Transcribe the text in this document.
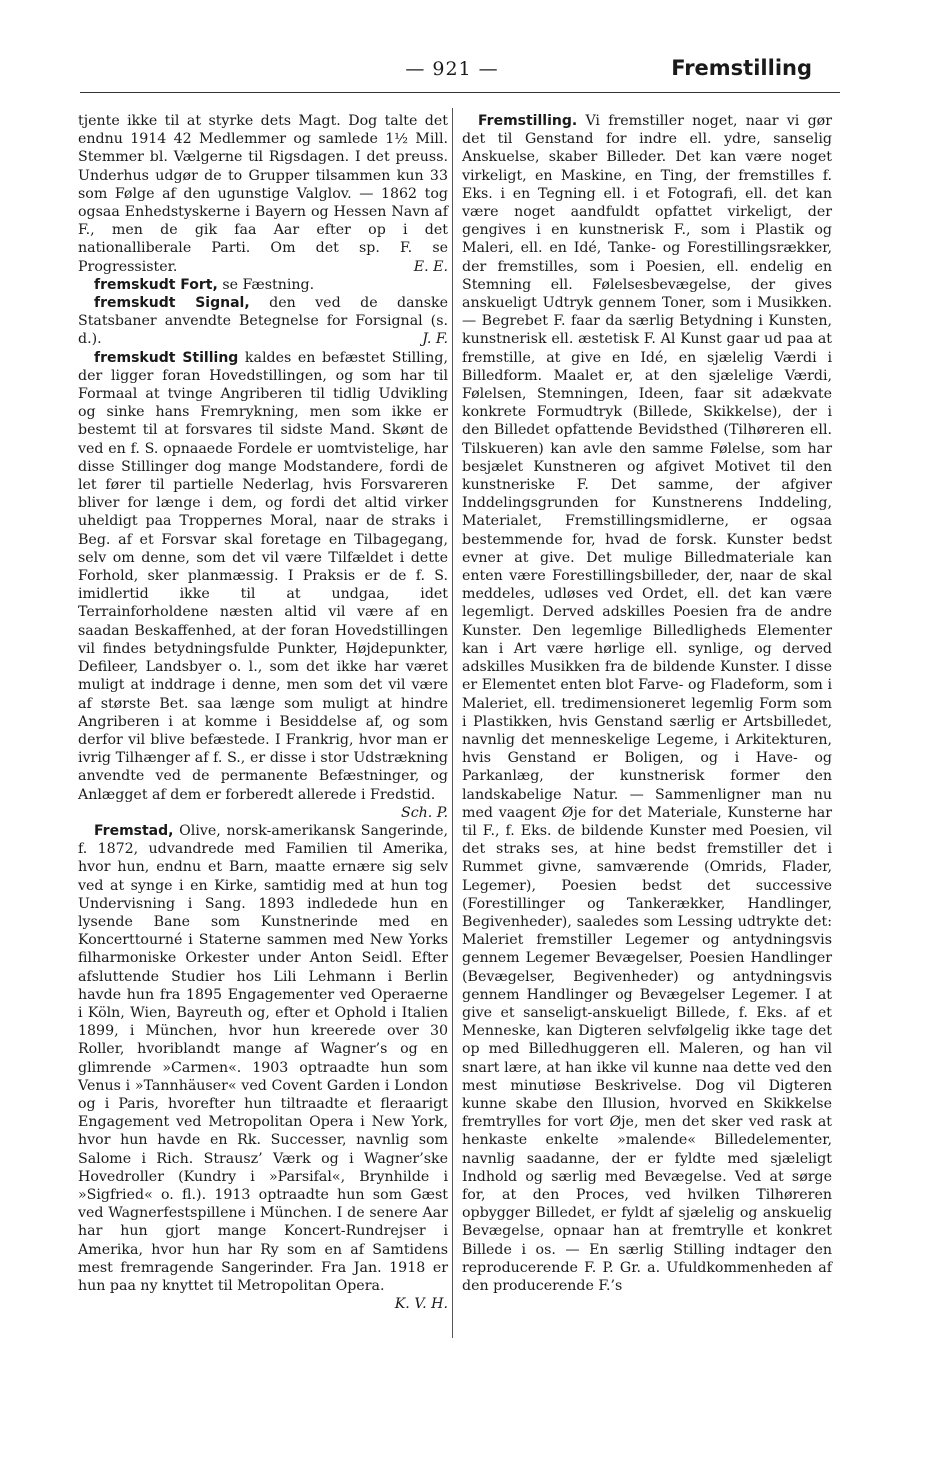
— 921 —	Fremstilling

tjente ikke til at styrke dets Magt. Dog talte det endnu 1914 42 Medlemmer og samlede 1½ Mill. Stemmer bl. Vælgerne til Rigsdagen. I det preuss. Underhus udgør de to Grupper tilsammen kun 33 som Følge af den ugunstige Valglov. — 1862 tog ogsaa Enhedstyskerne i Bayern og Hessen Navn af F., men de gik faa Aar efter op i det nationalliberale Parti. Om det sp. F. se Progressister.	E. E.

fremskudt Fort, se Fæstning.

fremskudt Signal, den ved de danske Statsbaner anvendte Betegnelse for Forsignal (s. d.).	J. F.

fremskudt Stilling kaldes en befæstet Stilling, der ligger foran Hovedstillingen, og som har til Formaal at tvinge Angriberen til tidlig Udvikling og sinke hans Fremrykning, men som ikke er bestemt til at forsvares til sidste Mand. Skønt de ved en f. S. opnaaede Fordele er uomtvistelige, har disse Stillinger dog mange Modstandere, fordi de let fører til partielle Nederlag, hvis Forsvareren bliver for længe i dem, og fordi det altid virker uheldigt paa Troppernes Moral, naar de straks i Beg. af et Forsvar skal foretage en Tilbagegang, selv om denne, som det vil være Tilfældet i dette Forhold, sker planmæssig. I Praksis er de f. S. imidlertid ikke til at undgaa, idet Terrainforholdene næsten altid vil være af en saadan Beskaffenhed, at der foran Hovedstillingen vil findes betydningsfulde Punkter, Højdepunkter, Defileer, Landsbyer o. l., som det ikke har været muligt at inddrage i denne, men som det vil være af største Bet. saa længe som muligt at hindre Angriberen i at komme i Besiddelse af, og som derfor vil blive befæstede. I Frankrig, hvor man er ivrig Tilhænger af f. S., er disse i stor Udstrækning anvendte ved de permanente Befæstninger, og Anlægget af dem er forberedt allerede i Fredstid.
Sch. P.

Fremstad, Olive, norsk-amerikansk Sangerinde, f. 1872, udvandrede med Familien til Amerika, hvor hun, endnu et Barn, maatte ernære sig selv ved at synge i en Kirke, samtidig med at hun tog Undervisning i Sang. 1893 indledede hun en lysende Bane som Kunstnerinde med en Koncerttourné i Staterne sammen med New Yorks filharmoniske Orkester under Anton Seidl. Efter afsluttende Studier hos Lili Lehmann i Berlin havde hun fra 1895 Engagementer ved Operaerne i Köln, Wien, Bayreuth og, efter et Ophold i Italien 1899, i München, hvor hun kreerede over 30 Roller, hvoriblandt mange af Wagner’s og en glimrende »Carmen«. 1903 optraadte hun som Venus i »Tannhäuser« ved Covent Garden i London og i Paris, hvorefter hun tiltraadte et fleraarigt Engagement ved Metropolitan Opera i New York, hvor hun havde en Rk. Successer, navnlig som Salome i Rich. Strausz’ Værk og i Wagner’ske Hovedroller (Kundry i »Parsifal«, Brynhilde i »Sigfried« o. fl.). 1913 optraadte hun som Gæst ved Wagnerfestspillene i München. I de senere Aar har hun gjort mange Koncert-Rundrejser i Amerika, hvor hun har Ry som en af Samtidens mest fremragende Sangerinder. Fra Jan. 1918 er hun paa ny knyttet til Metropolitan Opera.
K. V. H.

Fremstilling. Vi fremstiller noget, naar vi gør det til Genstand for indre ell. ydre, sanselig Anskuelse, skaber Billeder. Det kan være noget virkeligt, en Maskine, en Ting, der fremstilles f. Eks. i en Tegning ell. i et Fotografi, ell. det kan være noget aandfuldt opfattet virkeligt, der gengives i en kunstnerisk F., som i Plastik og Maleri, ell. en Idé, Tanke- og Forestillingsrækker, der fremstilles, som i Poesien, ell. endelig en Stemning ell. Følelsesbevægelse, der gives anskueligt Udtryk gennem Toner, som i Musikken. — Begrebet F. faar da særlig Betydning i Kunsten, kunstnerisk ell. æstetisk F. Al Kunst gaar ud paa at fremstille, at give en Idé, en sjælelig Værdi i Billedform. Maalet er, at den sjælelige Værdi, Følelsen, Stemningen, Ideen, faar sit adækvate konkrete Formudtryk (Billede, Skikkelse), der i den Billedet opfattende Bevidsthed (Tilhøreren ell. Tilskueren) kan avle den samme Følelse, som har besjælet Kunstneren og afgivet Motivet til den kunstneriske F. Det samme, der afgiver Inddelingsgrunden for Kunstnerens Inddeling, Materialet, Fremstillingsmidlerne, er ogsaa bestemmende for, hvad de forsk. Kunster bedst evner at give. Det mulige Billedmateriale kan enten være Forestillingsbilleder, der, naar de skal meddeles, udløses ved Ordet, ell. det kan være legemligt. Derved adskilles Poesien fra de andre Kunster. Den legemlige Billedligheds Elementer kan i Art være hørlige ell. synlige, og derved adskilles Musikken fra de bildende Kunster. I disse er Elementet enten blot Farve- og Fladeform, som i Maleriet, ell. tredimensioneret legemlig Form som i Plastikken, hvis Genstand særlig er Artsbilledet, navnlig det menneskelige Legeme, i Arkitekturen, hvis Genstand er Boligen, og i Have- og Parkanlæg, der kunstnerisk former den landskabelige Natur. — Sammenligner man nu med vaagent Øje for det Materiale, Kunsterne har til F., f. Eks. de bildende Kunster med Poesien, vil det straks ses, at hine bedst fremstiller det i Rummet givne, samværende (Omrids, Flader, Legemer), Poesien bedst det successive (Forestillinger og Tankerækker, Handlinger, Begivenheder), saaledes som Lessing udtrykte det: Maleriet fremstiller Legemer og antydningsvis gennem Legemer Bevægelser, Poesien Handlinger (Bevægelser, Begivenheder) og antydningsvis gennem Handlinger og Bevægelser Legemer. I at give et sanseligt-anskueligt Billede, f. Eks. af et Menneske, kan Digteren selvfølgelig ikke tage det op med Billedhuggeren ell. Maleren, og han vil snart lære, at han ikke vil kunne naa dette ved den mest minutiøse Beskrivelse. Dog vil Digteren kunne skabe den Illusion, hvorved en Skikkelse fremtrylles for vort Øje, men det sker ved rask at henkaste enkelte »malende« Billedelementer, navnlig saadanne, der er fyldte med sjæleligt Indhold og særlig med Bevægelse. Ved at sørge for, at den Proces, ved hvilken Tilhøreren opbygger Billedet, er fyldt af sjælelig og anskuelig Bevægelse, opnaar han at fremtrylle et konkret Billede i os. — En særlig Stilling indtager den reproducerende F. P. Gr. a. Ufuldkommenheden af den producerende F.’s
